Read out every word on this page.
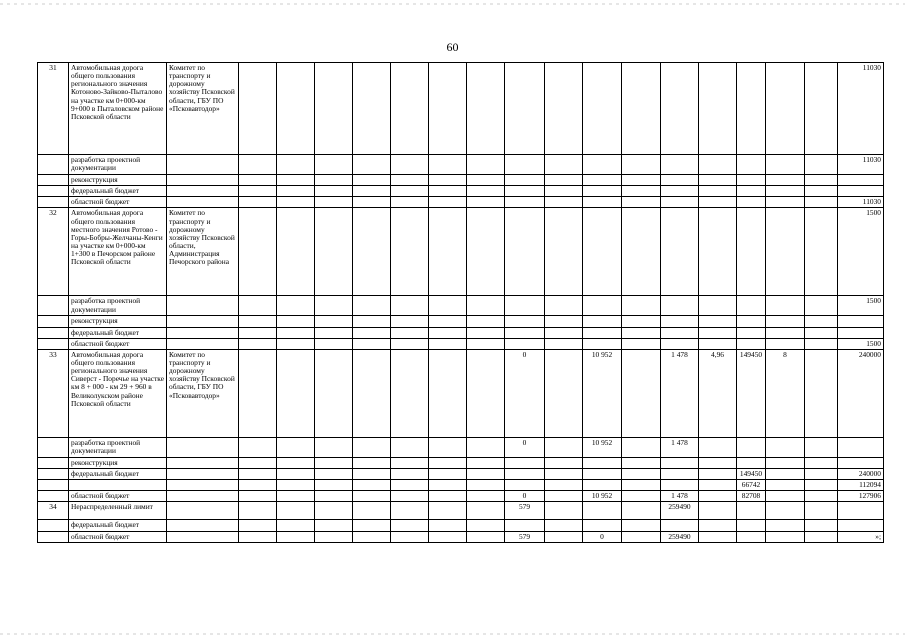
60
31	Автомобильная дорога общего пользования регионального значения Котоново-Зайково-Пыталово на участке км 0+000-км 9+000 в Пыталовском районе Псковской области	Комитет по транспорту и дорожному хозяйству Псковской области, ГБУ ПО «Псковавтодор»																	11030
	разработка проектной документации																		11030
	реконструкция																		
	федеральный бюджет																		
	областной бюджет																		11030
32	Автомобильная дорога общего пользования местного значения Ротово - Горы-Бобры-Желчаны-Кенги на участке км 0+000-км 1+300 в Печорском районе Псковской области	Комитет по транспорту и дорожному хозяйству Псковской области, Администрация Печорского района																	1500
	разработка проектной документации																		1500
	реконструкция																		
	федеральный бюджет																		
	областной бюджет																		1500
33	Автомобильная дорога общего пользования регионального значения Сиверст - Поречье на участке км 8 + 000 - км 29 + 960 в Великолукском районе Псковской области	Комитет по транспорту и дорожному хозяйству Псковской области, ГБУ ПО «Псковавтодор»								0		10 952		1 478	4,96	149450	8		240000
	разработка проектной документации									0		10 952		1 478					
	реконструкция																		
	федеральный бюджет															149450			240000
																66742			112094
	областной бюджет									0		10 952		1 478		82708			127906
34	Нераспределенный лимит									579				259490					
	федеральный бюджет																		
	областной бюджет									579		0		259490					»;
